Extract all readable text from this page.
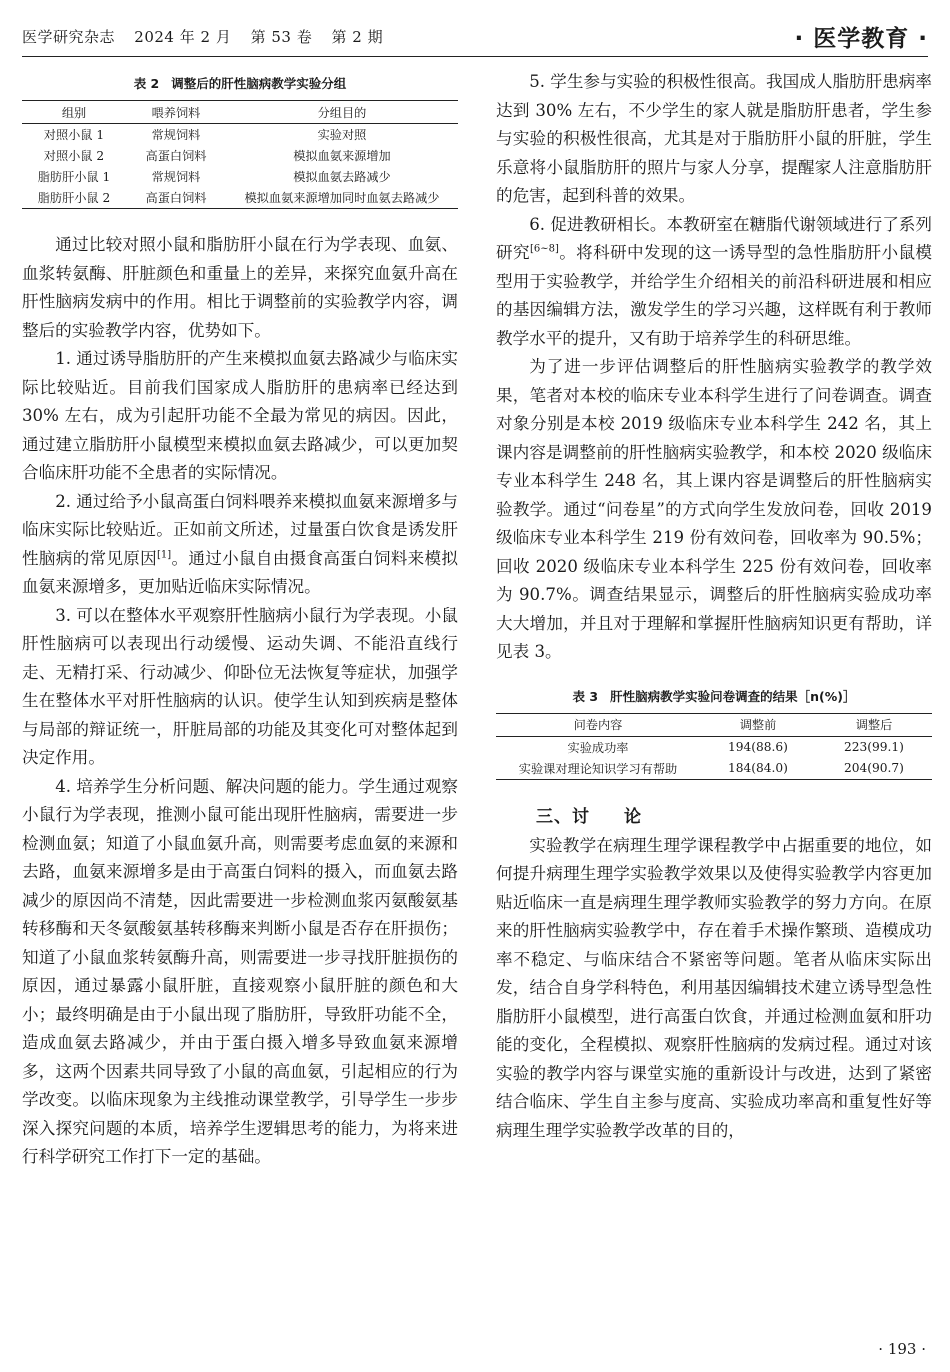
医学研究杂志 2024 年 2 月 第 53 卷 第 2 期	· 医学教育 ·
表 2 调整后的肝性脑病教学实验分组
组别	喂养饲料	分组目的
对照小鼠 1	常规饲料	实验对照
对照小鼠 2	高蛋白饲料	模拟血氨来源增加
脂肪肝小鼠 1	常规饲料	模拟血氨去路减少
脂肪肝小鼠 2	高蛋白饲料	模拟血氨来源增加同时血氨去路减少

通过比较对照小鼠和脂肪肝小鼠在行为学表现、血氨、血浆转氨酶、肝脏颜色和重量上的差异，来探究血氨升高在肝性脑病发病中的作用。相比于调整前的实验教学内容，调整后的实验教学内容，优势如下。

1. 通过诱导脂肪肝的产生来模拟血氨去路减少与临床实际比较贴近。目前我们国家成人脂肪肝的患病率已经达到 30% 左右，成为引起肝功能不全最为常见的病因。因此，通过建立脂肪肝小鼠模型来模拟血氨去路减少，可以更加契合临床肝功能不全患者的实际情况。

2. 通过给予小鼠高蛋白饲料喂养来模拟血氨来源增多与临床实际比较贴近。正如前文所述，过量蛋白饮食是诱发肝性脑病的常见原因[1]。通过小鼠自由摄食高蛋白饲料来模拟血氨来源增多，更加贴近临床实际情况。

3. 可以在整体水平观察肝性脑病小鼠行为学表现。小鼠肝性脑病可以表现出行动缓慢、运动失调、不能沿直线行走、无精打采、行动减少、仰卧位无法恢复等症状，加强学生在整体水平对肝性脑病的认识。使学生认知到疾病是整体与局部的辩证统一，肝脏局部的功能及其变化可对整体起到决定作用。

4. 培养学生分析问题、解决问题的能力。学生通过观察小鼠行为学表现，推测小鼠可能出现肝性脑病，需要进一步检测血氨；知道了小鼠血氨升高，则需要考虑血氨的来源和去路，血氨来源增多是由于高蛋白饲料的摄入，而血氨去路减少的原因尚不清楚，因此需要进一步检测血浆丙氨酸氨基转移酶和天冬氨酸氨基转移酶来判断小鼠是否存在肝损伤；知道了小鼠血浆转氨酶升高，则需要进一步寻找肝脏损伤的原因，通过暴露小鼠肝脏，直接观察小鼠肝脏的颜色和大小；最终明确是由于小鼠出现了脂肪肝，导致肝功能不全，造成血氨去路减少，并由于蛋白摄入增多导致血氨来源增多，这两个因素共同导致了小鼠的高血氨，引起相应的行为学改变。以临床现象为主线推动课堂教学，引导学生一步步深入探究问题的本质，培养学生逻辑思考的能力，为将来进行科学研究工作打下一定的基础。

5. 学生参与实验的积极性很高。我国成人脂肪肝患病率达到 30% 左右，不少学生的家人就是脂肪肝患者，学生参与实验的积极性很高，尤其是对于脂肪肝小鼠的肝脏，学生乐意将小鼠脂肪肝的照片与家人分享，提醒家人注意脂肪肝的危害，起到科普的效果。

6. 促进教研相长。本教研室在糖脂代谢领域进行了系列研究[6~8]。将科研中发现的这一诱导型的急性脂肪肝小鼠模型用于实验教学，并给学生介绍相关的前沿科研进展和相应的基因编辑方法，激发学生的学习兴趣，这样既有利于教师教学水平的提升，又有助于培养学生的科研思维。

为了进一步评估调整后的肝性脑病实验教学的教学效果，笔者对本校的临床专业本科学生进行了问卷调查。调查对象分别是本校 2019 级临床专业本科学生 242 名，其上课内容是调整前的肝性脑病实验教学，和本校 2020 级临床专业本科学生 248 名，其上课内容是调整后的肝性脑病实验教学。通过“问卷星”的方式向学生发放问卷，回收 2019 级临床专业本科学生 219 份有效问卷，回收率为 90.5%；回收 2020 级临床专业本科学生 225 份有效问卷，回收率为 90.7%。调查结果显示，调整后的肝性脑病实验成功率大大增加，并且对于理解和掌握肝性脑病知识更有帮助，详见表 3。

表 3 肝性脑病教学实验问卷调查的结果［n(%)］
问卷内容	调整前	调整后
实验成功率	194(88.6)	223(99.1)
实验课对理论知识学习有帮助	184(84.0)	204(90.7)
三、讨 论

实验教学在病理生理学课程教学中占据重要的地位，如何提升病理生理学实验教学效果以及使得实验教学内容更加贴近临床一直是病理生理学教师实验教学的努力方向。在原来的肝性脑病实验教学中，存在着手术操作繁琐、造模成功率不稳定、与临床结合不紧密等问题。笔者从临床实际出发，结合自身学科特色，利用基因编辑技术建立诱导型急性脂肪肝小鼠模型，进行高蛋白饮食，并通过检测血氨和肝功能的变化，全程模拟、观察肝性脑病的发病过程。通过对该实验的教学内容与课堂实施的重新设计与改进，达到了紧密结合临床、学生自主参与度高、实验成功率高和重复性好等病理生理学实验教学改革的目的，

· 193 ·
